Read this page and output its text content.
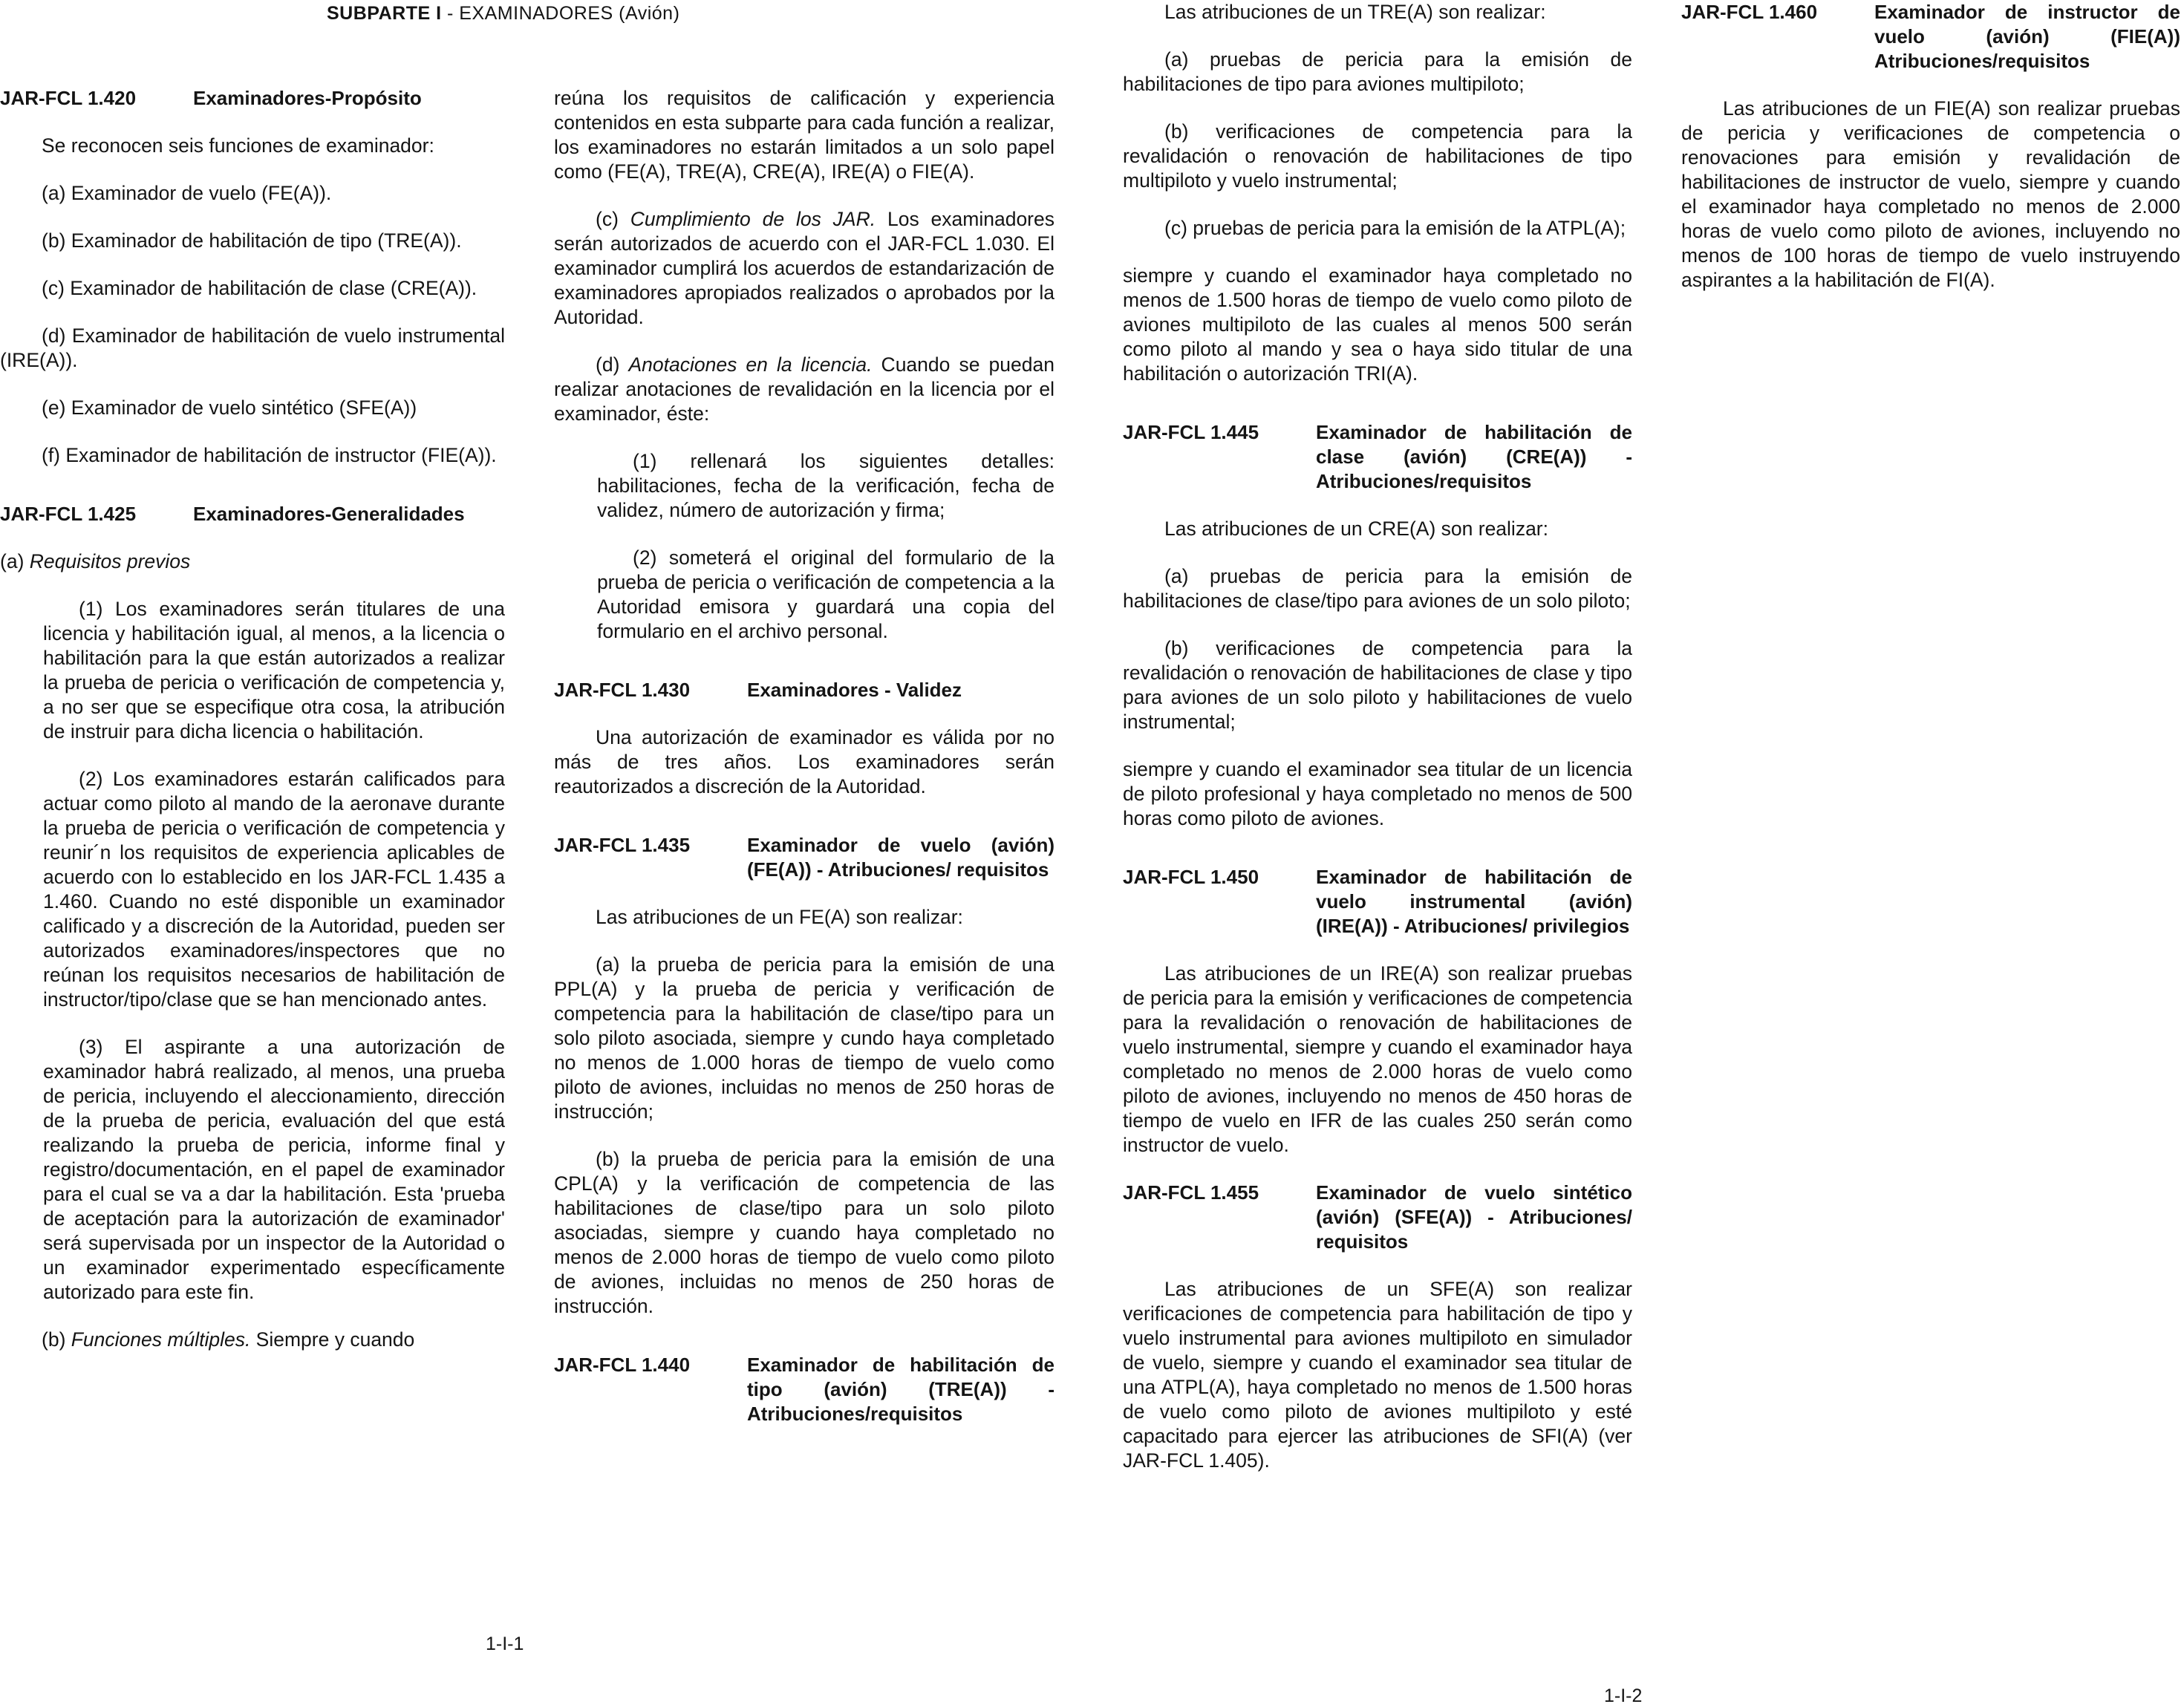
SUBPARTE I - EXAMINADORES (Avión)
JAR-FCL 1.420	Examinadores-Propósito

Se reconocen seis funciones de examinador:

(a) Examinador de vuelo (FE(A)).

(b) Examinador de habilitación de tipo (TRE(A)).

(c) Examinador de habilitación de clase (CRE(A)).

(d) Examinador de habilitación de vuelo instrumental (IRE(A)).

(e) Examinador de vuelo sintético (SFE(A))

(f) Examinador de habilitación de instructor (FIE(A)).

JAR-FCL 1.425	Examinadores-Generalidades

(a) Requisitos previos

(1) Los examinadores serán titulares de una licencia y habilitación igual, al menos, a la licencia o habilitación para la que están autorizados a realizar la prueba de pericia o verificación de competencia y, a no ser que se especifique otra cosa, la atribución de instruir para dicha licencia o habilitación.

(2) Los examinadores estarán calificados para actuar como piloto al mando de la aeronave durante la prueba de pericia o verificación de competencia y reunir´n los requisitos de experiencia aplicables de acuerdo con lo establecido en los JAR-FCL 1.435 a 1.460. Cuando no esté disponible un examinador calificado y a discreción de la Autoridad, pueden ser autorizados examinadores/inspectores que no reúnan los requisitos necesarios de habilitación de instructor/tipo/clase que se han mencionado antes.

(3) El aspirante a una autorización de examinador habrá realizado, al menos, una prueba de pericia, incluyendo el aleccionamiento, dirección de la prueba de pericia, evaluación del que está realizando la prueba de pericia, informe final y registro/documentación, en el papel de examinador para el cual se va a dar la habilitación. Esta 'prueba de aceptación para la autorización de examinador' será supervisada por un inspector de la Autoridad o un examinador experimentado específicamente autorizado para este fin.

(b) Funciones múltiples. Siempre y cuando

reúna los requisitos de calificación y experiencia contenidos en esta subparte para cada función a realizar, los examinadores no estarán limitados a un solo papel como (FE(A), TRE(A), CRE(A), IRE(A) o FIE(A).

(c) Cumplimiento de los JAR. Los examinadores serán autorizados de acuerdo con el JAR-FCL 1.030. El examinador cumplirá los acuerdos de estandarización de examinadores apropiados realizados o aprobados por la Autoridad.

(d) Anotaciones en la licencia. Cuando se puedan realizar anotaciones de revalidación en la licencia por el examinador, éste:

(1) rellenará los siguientes detalles: habilitaciones, fecha de la verificación, fecha de validez, número de autorización y firma;

(2) someterá el original del formulario de la prueba de pericia o verificación de competencia a la Autoridad emisora y guardará una copia del formulario en el archivo personal.

JAR-FCL 1.430	Examinadores - Validez

Una autorización de examinador es válida por no más de tres años. Los examinadores serán reautorizados a discreción de la Autoridad.

JAR-FCL 1.435	Examinador de vuelo (avión) (FE(A)) - Atribuciones/ requisitos

Las atribuciones de un FE(A) son realizar:

(a) la prueba de pericia para la emisión de una PPL(A) y la prueba de pericia y verificación de competencia para la habilitación de clase/tipo para un solo piloto asociada, siempre y cundo haya completado no menos de 1.000 horas de tiempo de vuelo como piloto de aviones, incluidas no menos de 250 horas de instrucción;

(b) la prueba de pericia para la emisión de una CPL(A) y la verificación de competencia de las habilitaciones de clase/tipo para un solo piloto asociadas, siempre y cuando haya completado no menos de 2.000 horas de tiempo de vuelo como piloto de aviones, incluidas no menos de 250 horas de instrucción.

JAR-FCL 1.440	Examinador de habilitación de tipo (avión) (TRE(A)) - Atribuciones/requisitos
1-I-1

Las atribuciones de un TRE(A) son realizar:

(a) pruebas de pericia para la emisión de habilitaciones de tipo para aviones multipiloto;

(b) verificaciones de competencia para la revalidación o renovación de habilitaciones de tipo multipiloto y vuelo instrumental;

(c) pruebas de pericia para la emisión de la ATPL(A);

siempre y cuando el examinador haya completado no menos de 1.500 horas de tiempo de vuelo como piloto de aviones multipiloto de las cuales al menos 500 serán como piloto al mando y sea o haya sido titular de una habilitación o autorización TRI(A).

JAR-FCL 1.445	Examinador de habilitación de clase (avión) (CRE(A)) - Atribuciones/requisitos

Las atribuciones de un CRE(A) son realizar:

(a) pruebas de pericia para la emisión de habilitaciones de clase/tipo para aviones de un solo piloto;

(b) verificaciones de competencia para la revalidación o renovación de habilitaciones de clase y tipo para aviones de un solo piloto y habilitaciones de vuelo instrumental;

siempre y cuando el examinador sea titular de un licencia de piloto profesional y haya completado no menos de 500 horas como piloto de aviones.

JAR-FCL 1.450	Examinador de habilitación de vuelo instrumental (avión) (IRE(A)) - Atribuciones/ privilegios

Las atribuciones de un IRE(A) son realizar pruebas de pericia para la emisión y verificaciones de competencia para la revalidación o renovación de habilitaciones de vuelo instrumental, siempre y cuando el examinador haya completado no menos de 2.000 horas de vuelo como piloto de aviones, incluyendo no menos de 450 horas de tiempo de vuelo en IFR de las cuales 250 serán como instructor de vuelo.

JAR-FCL 1.455	Examinador de vuelo sintético (avión) (SFE(A)) - Atribuciones/ requisitos

Las atribuciones de un SFE(A) son realizar verificaciones de competencia para habilitación de tipo y vuelo instrumental para aviones multipiloto en simulador de vuelo, siempre y cuando el examinador sea titular de una ATPL(A), haya completado no menos de 1.500 horas de vuelo como piloto de aviones multipiloto y esté capacitado para ejercer las atribuciones de SFI(A) (ver JAR-FCL 1.405).

1-I-2
JAR-FCL 1.460	Examinador de instructor de vuelo (avión) (FIE(A)) Atribuciones/requisitos

Las atribuciones de un FIE(A) son realizar pruebas de pericia y verificaciones de competencia o renovaciones para emisión y revalidación de habilitaciones de instructor de vuelo, siempre y cuando el examinador haya completado no menos de 2.000 horas de vuelo como piloto de aviones, incluyendo no menos de 100 horas de tiempo de vuelo instruyendo aspirantes a la habilitación de FI(A).
